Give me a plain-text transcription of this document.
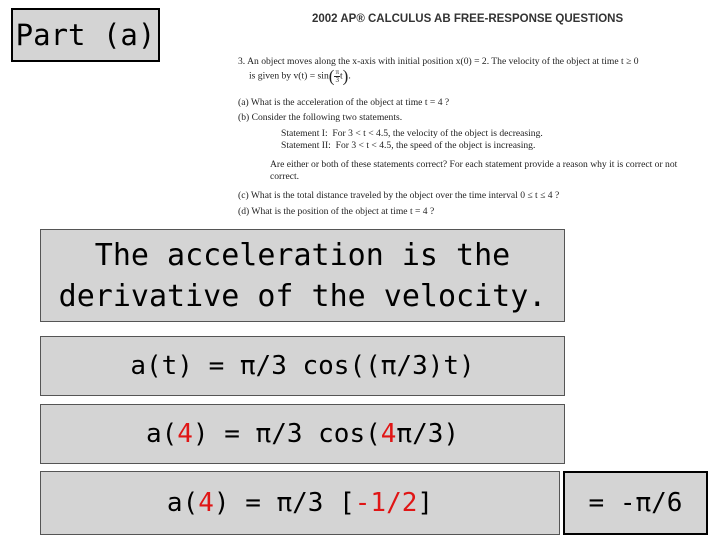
Part (a)	2002 AP® CALCULUS AB FREE-RESPONSE QUESTIONS
3. An object moves along the x-axis with initial position x(0) = 2. The velocity of the object at time t ≥ 0
is given by $v(t) = \sin( \frac{\pi}{3} t)$.
(a) What is the acceleration of the object at time t = 4 ?
(b) Consider the following two statements.
Statement I: For 3 < t < 4.5, the velocity of the object is decreasing.
Statement II: For 3 < t < 4.5, the speed of the object is increasing.
Are either or both of these statements correct? For each statement provide a reason why it is correct or not
correct.
(c) What is the total distance traveled by the object over the time interval 0 ≤ t ≤ 4 ?
(d) What is the position of the object at time t = 4 ?
The acceleration is the
derivative of the velocity.
a(t) = π/3 cos((π/3)t)
a( 4 ) = π/3 cos( 4 π/3)
a( 4 ) = π/3 [ -1/2 ]	= -π/6
